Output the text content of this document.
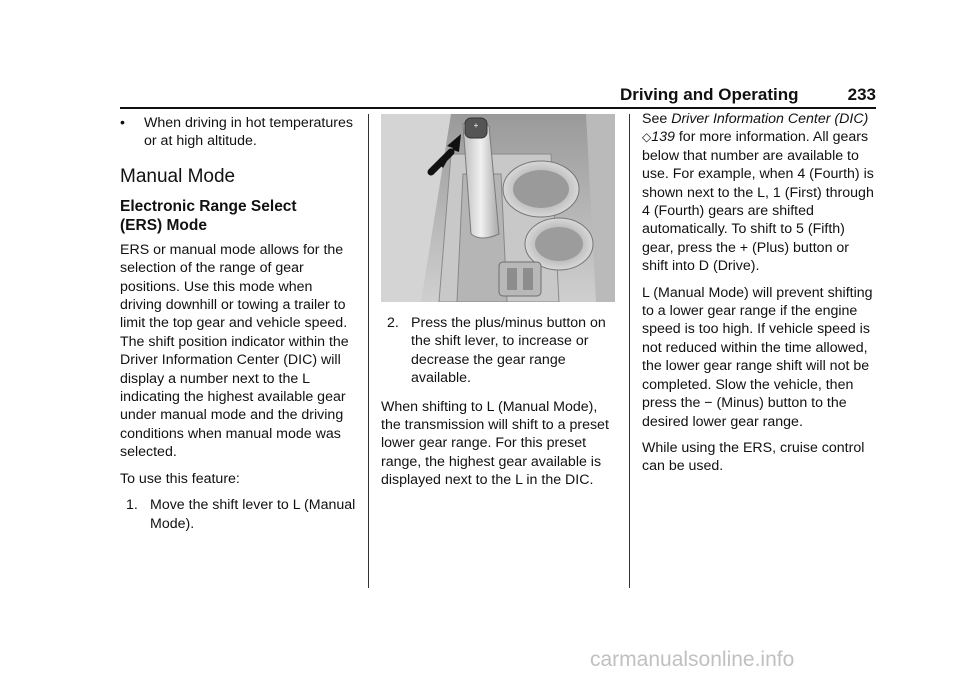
Driving and Operating	233
•	When driving in hot temperatures or at high altitude.
Manual Mode
Electronic Range Select
(ERS) Mode

ERS or manual mode allows for the selection of the range of gear positions. Use this mode when driving downhill or towing a trailer to limit the top gear and vehicle speed. The shift position indicator within the Driver Information Center (DIC) will display a number next to the L indicating the highest available gear under manual mode and the driving conditions when manual mode was selected.

To use this feature:

1. Move the shift lever to L (Manual Mode).
+
2. Press the plus/minus button on the shift lever, to increase or decrease the gear range available.

When shifting to L (Manual Mode), the transmission will shift to a preset lower gear range. For this preset range, the highest gear available is displayed next to the L in the DIC.

See Driver Information Center (DIC) ◇139 for more information. All gears below that number are available to use. For example, when 4 (Fourth) is shown next to the L, 1 (First) through 4 (Fourth) gears are shifted automatically. To shift to 5 (Fifth) gear, press the + (Plus) button or shift into D (Drive).

L (Manual Mode) will prevent shifting to a lower gear range if the engine speed is too high. If vehicle speed is not reduced within the time allowed, the lower gear range shift will not be completed. Slow the vehicle, then press the − (Minus) button to the desired lower gear range.

While using the ERS, cruise control can be used.

carmanualsonline.info
